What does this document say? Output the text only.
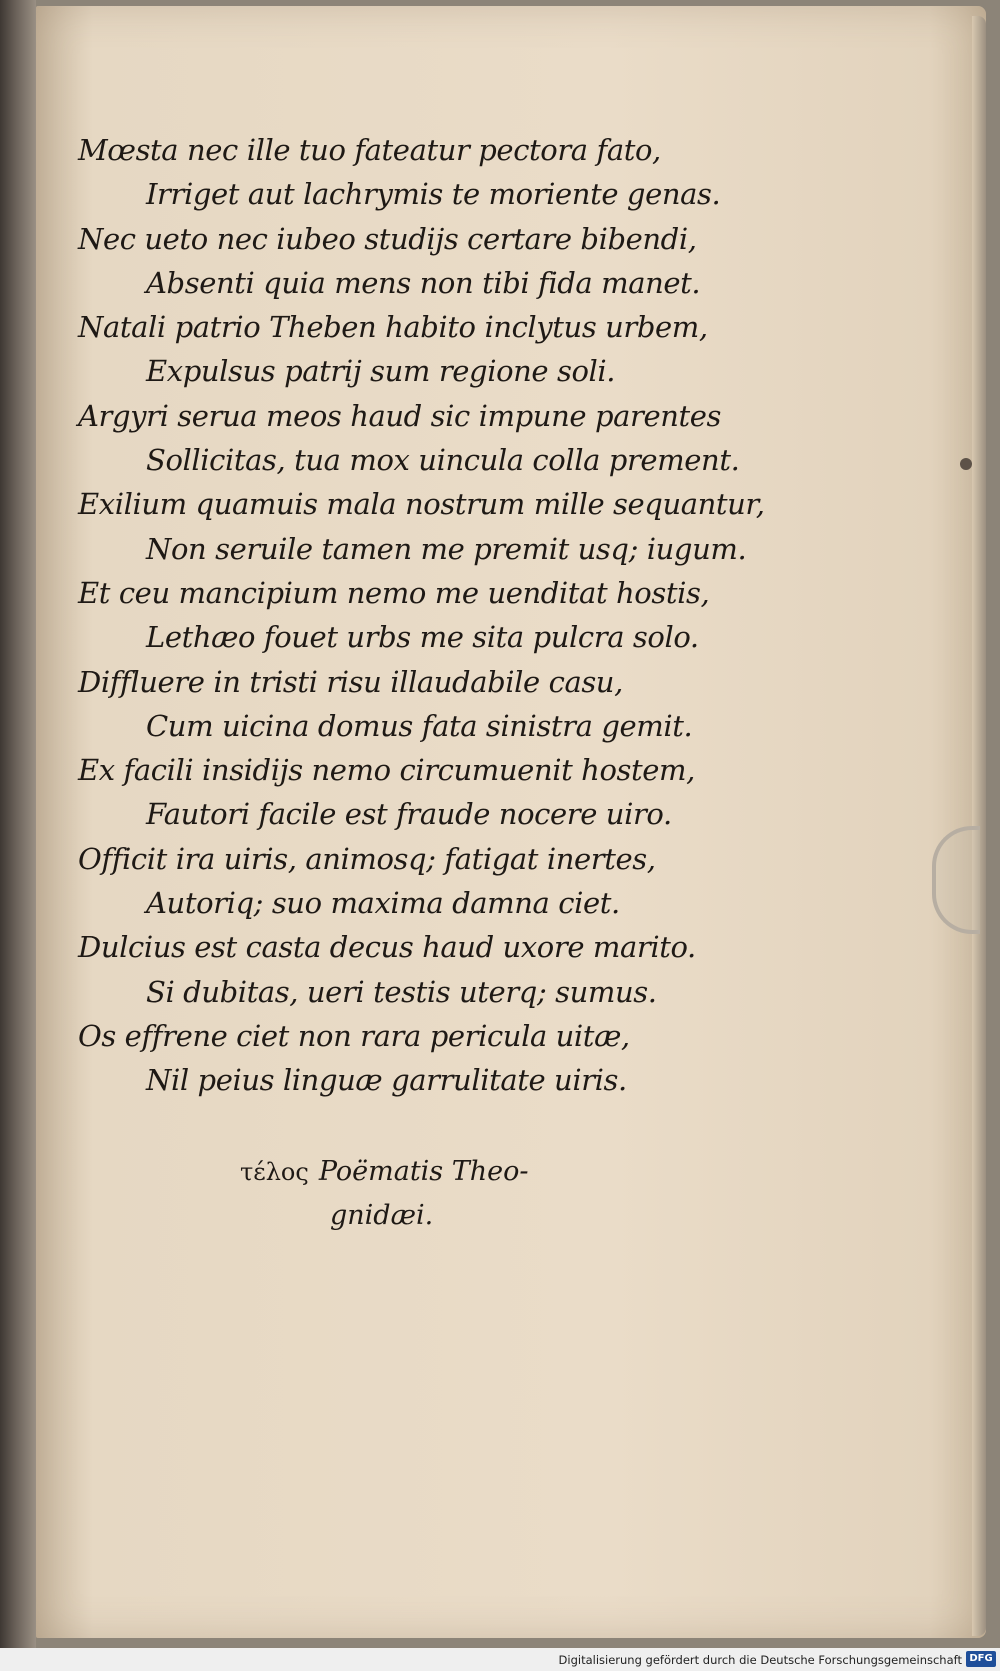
Mœsta nec ille tuo fateatur pectora fato,
Irriget aut lachrymis te moriente genas.
Nec ueto nec iubeo studijs certare bibendi,
Absenti quia mens non tibi fida manet.
Natali patrio Theben habito inclytus urbem,
Expulsus patrij sum regione soli.
Argyri serua meos haud sic impune parentes
Sollicitas, tua mox uincula colla prement.
Exilium quamuis mala nostrum mille sequantur,
Non seruile tamen me premit usq; iugum.
Et ceu mancipium nemo me uenditat hostis,
Lethæo fouet urbs me sita pulcra solo.
Diffluere in tristi risu illaudabile casu,
Cum uicina domus fata sinistra gemit.
Ex facili insidijs nemo circumuenit hostem,
Fautori facile est fraude nocere uiro.
Officit ira uiris, animosq; fatigat inertes,
Autoriq; suo maxima damna ciet.
Dulcius est casta decus haud uxore marito.
Si dubitas, ueri testis uterq; sumus.
Os effrene ciet non rara pericula uitæ,
Nil peius linguæ garrulitate uiris.
τέλος Poëmatis Theo-
gnidæi.
Digitalisierung gefördert durch die Deutsche Forschungsgemeinschaft DFG
